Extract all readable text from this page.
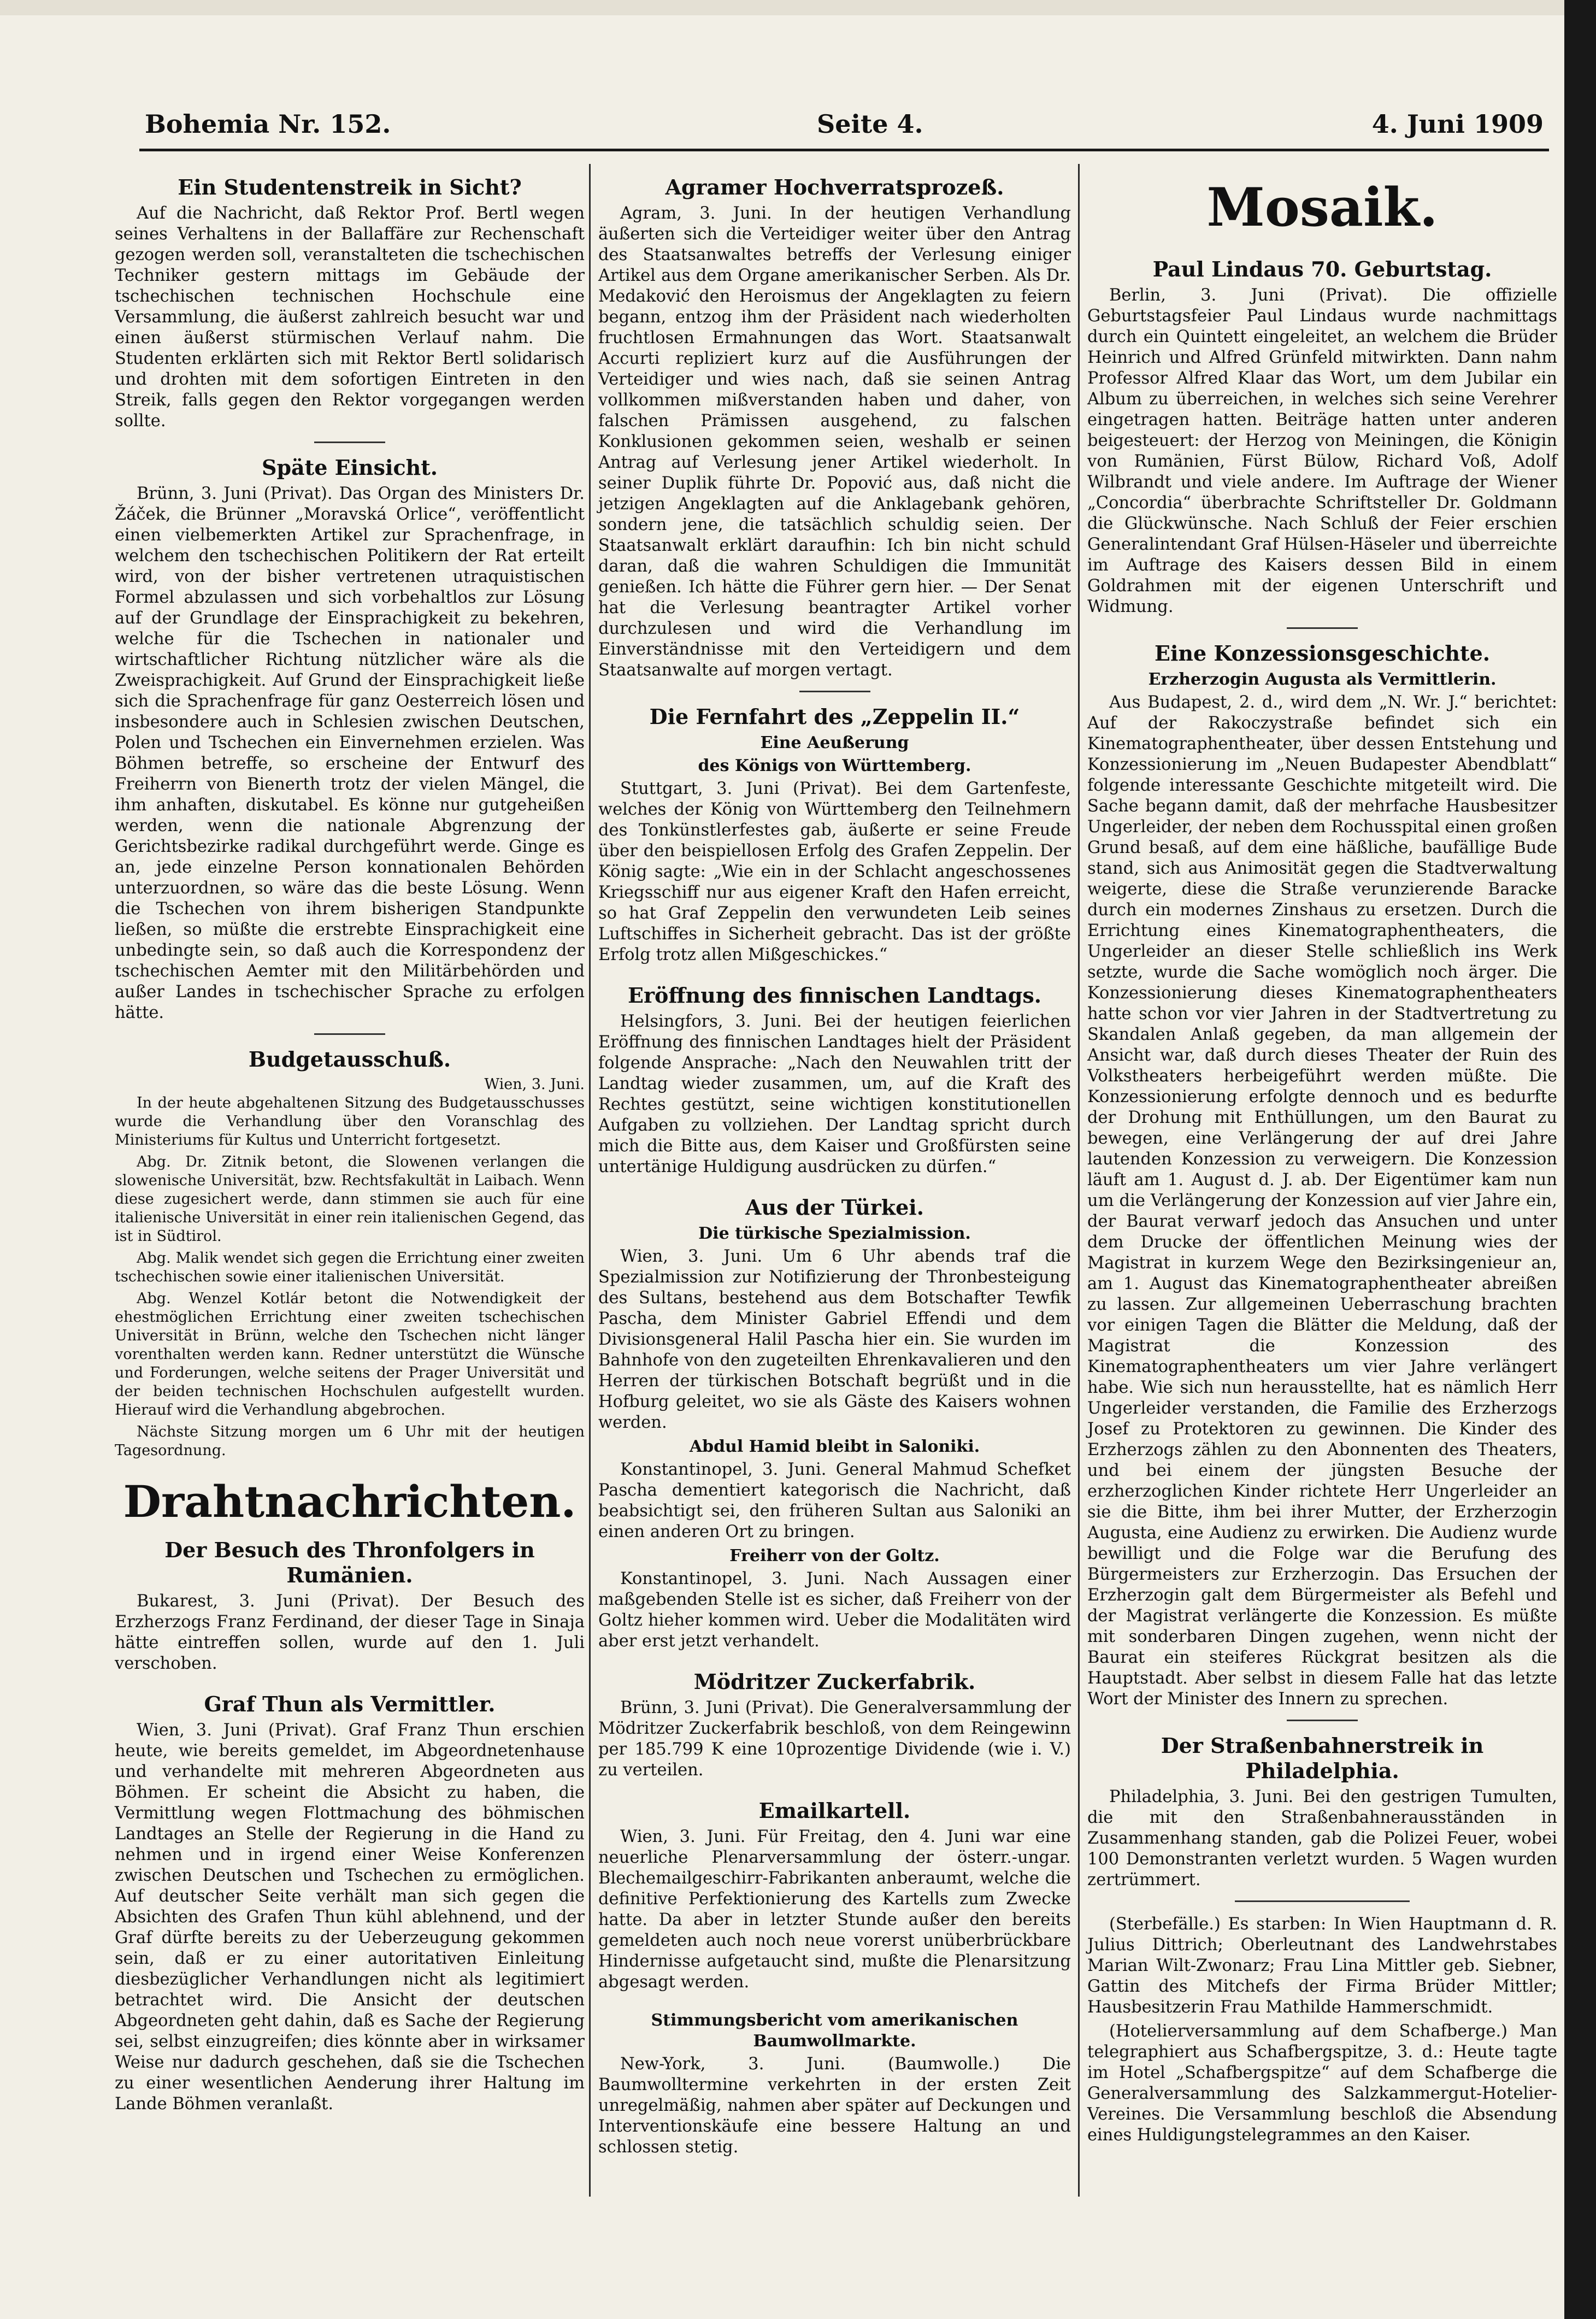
Bohemia Nr. 152.	Seite 4.	4. Juni 1909
Ein Studentenstreik in Sicht?

Auf die Nachricht, daß Rektor Prof. Bertl wegen seines Verhaltens in der Ballaffäre zur Rechenschaft gezogen werden soll, veranstalteten die tschechischen Techniker gestern mittags im Gebäude der tschechischen technischen Hochschule eine Versammlung, die äußerst zahlreich besucht war und einen äußerst stürmischen Verlauf nahm. Die Studenten erklärten sich mit Rektor Bertl solidarisch und drohten mit dem sofortigen Eintreten in den Streik, falls gegen den Rektor vorgegangen werden sollte.

Späte Einsicht.

Brünn, 3. Juni (Privat). Das Organ des Ministers Dr. Žáček, die Brünner „Moravská Orlice“, veröffentlicht einen vielbemerkten Artikel zur Sprachenfrage, in welchem den tschechischen Politikern der Rat erteilt wird, von der bisher vertretenen utraquistischen Formel abzulassen und sich vorbehaltlos zur Lösung auf der Grundlage der Einsprachigkeit zu bekehren, welche für die Tschechen in nationaler und wirtschaftlicher Richtung nützlicher wäre als die Zweisprachigkeit. Auf Grund der Einsprachigkeit ließe sich die Sprachenfrage für ganz Oesterreich lösen und insbesondere auch in Schlesien zwischen Deutschen, Polen und Tschechen ein Einvernehmen erzielen. Was Böhmen betreffe, so erscheine der Entwurf des Freiherrn von Bienerth trotz der vielen Mängel, die ihm anhaften, diskutabel. Es könne nur gutgeheißen werden, wenn die nationale Abgrenzung der Gerichtsbezirke radikal durchgeführt werde. Ginge es an, jede einzelne Person konnationalen Behörden unterzuordnen, so wäre das die beste Lösung. Wenn die Tschechen von ihrem bisherigen Standpunkte ließen, so müßte die erstrebte Einsprachigkeit eine unbedingte sein, so daß auch die Korrespondenz der tschechischen Aemter mit den Militärbehörden und außer Landes in tschechischer Sprache zu erfolgen hätte.

Budgetausschuß.
Wien, 3. Juni.

In der heute abgehaltenen Sitzung des Budgetausschusses wurde die Verhandlung über den Voranschlag des Ministeriums für Kultus und Unterricht fortgesetzt.

Abg. Dr. Zitnik betont, die Slowenen verlangen die slowenische Universität, bzw. Rechtsfakultät in Laibach. Wenn diese zugesichert werde, dann stimmen sie auch für eine italienische Universität in einer rein italienischen Gegend, das ist in Südtirol.

Abg. Malik wendet sich gegen die Errichtung einer zweiten tschechischen sowie einer italienischen Universität.

Abg. Wenzel Kotlár betont die Notwendigkeit der ehestmöglichen Errichtung einer zweiten tschechischen Universität in Brünn, welche den Tschechen nicht länger vorenthalten werden kann. Redner unterstützt die Wünsche und Forderungen, welche seitens der Prager Universität und der beiden technischen Hochschulen aufgestellt wurden. Hierauf wird die Verhandlung abgebrochen.

Nächste Sitzung morgen um 6 Uhr mit der heutigen Tagesordnung.

Drahtnachrichten.
Der Besuch des Thronfolgers in Rumänien.

Bukarest, 3. Juni (Privat). Der Besuch des Erzherzogs Franz Ferdinand, der dieser Tage in Sinaja hätte eintreffen sollen, wurde auf den 1. Juli verschoben.

Graf Thun als Vermittler.

Wien, 3. Juni (Privat). Graf Franz Thun erschien heute, wie bereits gemeldet, im Abgeordnetenhause und verhandelte mit mehreren Abgeordneten aus Böhmen. Er scheint die Absicht zu haben, die Vermittlung wegen Flottmachung des böhmischen Landtages an Stelle der Regierung in die Hand zu nehmen und in irgend einer Weise Konferenzen zwischen Deutschen und Tschechen zu ermöglichen. Auf deutscher Seite verhält man sich gegen die Absichten des Grafen Thun kühl ablehnend, und der Graf dürfte bereits zu der Ueberzeugung gekommen sein, daß er zu einer autoritativen Einleitung diesbezüglicher Verhandlungen nicht als legitimiert betrachtet wird. Die Ansicht der deutschen Abgeordneten geht dahin, daß es Sache der Regierung sei, selbst einzugreifen; dies könnte aber in wirksamer Weise nur dadurch geschehen, daß sie die Tschechen zu einer wesentlichen Aenderung ihrer Haltung im Lande Böhmen veranlaßt.

Agramer Hochverratsprozeß.

Agram, 3. Juni. In der heutigen Verhandlung äußerten sich die Verteidiger weiter über den Antrag des Staatsanwaltes betreffs der Verlesung einiger Artikel aus dem Organe amerikanischer Serben. Als Dr. Medaković den Heroismus der Angeklagten zu feiern begann, entzog ihm der Präsident nach wiederholten fruchtlosen Ermahnungen das Wort. Staatsanwalt Accurti repliziert kurz auf die Ausführungen der Verteidiger und wies nach, daß sie seinen Antrag vollkommen mißverstanden haben und daher, von falschen Prämissen ausgehend, zu falschen Konklusionen gekommen seien, weshalb er seinen Antrag auf Verlesung jener Artikel wiederholt. In seiner Duplik führte Dr. Popović aus, daß nicht die jetzigen Angeklagten auf die Anklagebank gehören, sondern jene, die tatsächlich schuldig seien. Der Staatsanwalt erklärt daraufhin: Ich bin nicht schuld daran, daß die wahren Schuldigen die Immunität genießen. Ich hätte die Führer gern hier. — Der Senat hat die Verlesung beantragter Artikel vorher durchzulesen und wird die Verhandlung im Einverständnisse mit den Verteidigern und dem Staatsanwalte auf morgen vertagt.

Die Fernfahrt des „Zeppelin II.“
Eine Aeußerung
des Königs von Württemberg.

Stuttgart, 3. Juni (Privat). Bei dem Gartenfeste, welches der König von Württemberg den Teilnehmern des Tonkünstlerfestes gab, äußerte er seine Freude über den beispiellosen Erfolg des Grafen Zeppelin. Der König sagte: „Wie ein in der Schlacht angeschossenes Kriegsschiff nur aus eigener Kraft den Hafen erreicht, so hat Graf Zeppelin den verwundeten Leib seines Luftschiffes in Sicherheit gebracht. Das ist der größte Erfolg trotz allen Mißgeschickes.“

Eröffnung des finnischen Landtags.

Helsingfors, 3. Juni. Bei der heutigen feierlichen Eröffnung des finnischen Landtages hielt der Präsident folgende Ansprache: „Nach den Neuwahlen tritt der Landtag wieder zusammen, um, auf die Kraft des Rechtes gestützt, seine wichtigen konstitutionellen Aufgaben zu vollziehen. Der Landtag spricht durch mich die Bitte aus, dem Kaiser und Großfürsten seine untertänige Huldigung ausdrücken zu dürfen.“

Aus der Türkei.
Die türkische Spezialmission.

Wien, 3. Juni. Um 6 Uhr abends traf die Spezialmission zur Notifizierung der Thronbesteigung des Sultans, bestehend aus dem Botschafter Tewfik Pascha, dem Minister Gabriel Effendi und dem Divisionsgeneral Halil Pascha hier ein. Sie wurden im Bahnhofe von den zugeteilten Ehrenkavalieren und den Herren der türkischen Botschaft begrüßt und in die Hofburg geleitet, wo sie als Gäste des Kaisers wohnen werden.

Abdul Hamid bleibt in Saloniki.

Konstantinopel, 3. Juni. General Mahmud Schefket Pascha dementiert kategorisch die Nachricht, daß beabsichtigt sei, den früheren Sultan aus Saloniki an einen anderen Ort zu bringen.

Freiherr von der Goltz.

Konstantinopel, 3. Juni. Nach Aussagen einer maßgebenden Stelle ist es sicher, daß Freiherr von der Goltz hieher kommen wird. Ueber die Modalitäten wird aber erst jetzt verhandelt.

Mödritzer Zuckerfabrik.

Brünn, 3. Juni (Privat). Die Generalversammlung der Mödritzer Zuckerfabrik beschloß, von dem Reingewinn per 185.799 K eine 10prozentige Dividende (wie i. V.) zu verteilen.

Emailkartell.

Wien, 3. Juni. Für Freitag, den 4. Juni war eine neuerliche Plenarversammlung der österr.-ungar. Blechemailgeschirr-Fabrikanten anberaumt, welche die definitive Perfektionierung des Kartells zum Zwecke hatte. Da aber in letzter Stunde außer den bereits gemeldeten auch noch neue vorerst unüberbrückbare Hindernisse aufgetaucht sind, mußte die Plenarsitzung abgesagt werden.

Stimmungsbericht vom amerikanischen Baumwollmarkte.

New-York, 3. Juni. (Baumwolle.) Die Baumwolltermine verkehrten in der ersten Zeit unregelmäßig, nahmen aber später auf Deckungen und Interventionskäufe eine bessere Haltung an und schlossen stetig.

Mosaik.
Paul Lindaus 70. Geburtstag.

Berlin, 3. Juni (Privat). Die offizielle Geburtstagsfeier Paul Lindaus wurde nachmittags durch ein Quintett eingeleitet, an welchem die Brüder Heinrich und Alfred Grünfeld mitwirkten. Dann nahm Professor Alfred Klaar das Wort, um dem Jubilar ein Album zu überreichen, in welches sich seine Verehrer eingetragen hatten. Beiträge hatten unter anderen beigesteuert: der Herzog von Meiningen, die Königin von Rumänien, Fürst Bülow, Richard Voß, Adolf Wilbrandt und viele andere. Im Auftrage der Wiener „Concordia“ überbrachte Schriftsteller Dr. Goldmann die Glückwünsche. Nach Schluß der Feier erschien Generalintendant Graf Hülsen-Häseler und überreichte im Auftrage des Kaisers dessen Bild in einem Goldrahmen mit der eigenen Unterschrift und Widmung.

Eine Konzessionsgeschichte.
Erzherzogin Augusta als Vermittlerin.

Aus Budapest, 2. d., wird dem „N. Wr. J.“ berichtet: Auf der Rakoczystraße befindet sich ein Kinematographentheater, über dessen Entstehung und Konzessionierung im „Neuen Budapester Abendblatt“ folgende interessante Geschichte mitgeteilt wird. Die Sache begann damit, daß der mehrfache Hausbesitzer Ungerleider, der neben dem Rochusspital einen großen Grund besaß, auf dem eine häßliche, baufällige Bude stand, sich aus Animosität gegen die Stadtverwaltung weigerte, diese die Straße verunzierende Baracke durch ein modernes Zinshaus zu ersetzen. Durch die Errichtung eines Kinematographentheaters, die Ungerleider an dieser Stelle schließlich ins Werk setzte, wurde die Sache womöglich noch ärger. Die Konzessionierung dieses Kinematographentheaters hatte schon vor vier Jahren in der Stadtvertretung zu Skandalen Anlaß gegeben, da man allgemein der Ansicht war, daß durch dieses Theater der Ruin des Volkstheaters herbeigeführt werden müßte. Die Konzessionierung erfolgte dennoch und es bedurfte der Drohung mit Enthüllungen, um den Baurat zu bewegen, eine Verlängerung der auf drei Jahre lautenden Konzession zu verweigern. Die Konzession läuft am 1. August d. J. ab. Der Eigentümer kam nun um die Verlängerung der Konzession auf vier Jahre ein, der Baurat verwarf jedoch das Ansuchen und unter dem Drucke der öffentlichen Meinung wies der Magistrat in kurzem Wege den Bezirksingenieur an, am 1. August das Kinematographentheater abreißen zu lassen. Zur allgemeinen Ueberraschung brachten vor einigen Tagen die Blätter die Meldung, daß der Magistrat die Konzession des Kinematographentheaters um vier Jahre verlängert habe. Wie sich nun herausstellte, hat es nämlich Herr Ungerleider verstanden, die Familie des Erzherzogs Josef zu Protektoren zu gewinnen. Die Kinder des Erzherzogs zählen zu den Abonnenten des Theaters, und bei einem der jüngsten Besuche der erzherzoglichen Kinder richtete Herr Ungerleider an sie die Bitte, ihm bei ihrer Mutter, der Erzherzogin Augusta, eine Audienz zu erwirken. Die Audienz wurde bewilligt und die Folge war die Berufung des Bürgermeisters zur Erzherzogin. Das Ersuchen der Erzherzogin galt dem Bürgermeister als Befehl und der Magistrat verlängerte die Konzession. Es müßte mit sonderbaren Dingen zugehen, wenn nicht der Baurat ein steiferes Rückgrat besitzen als die Hauptstadt. Aber selbst in diesem Falle hat das letzte Wort der Minister des Innern zu sprechen.

Der Straßenbahnerstreik in Philadelphia.

Philadelphia, 3. Juni. Bei den gestrigen Tumulten, die mit den Straßenbahnerausständen in Zusammenhang standen, gab die Polizei Feuer, wobei 100 Demonstranten verletzt wurden. 5 Wagen wurden zertrümmert.

(Sterbefälle.) Es starben: In Wien Hauptmann d. R. Julius Dittrich; Oberleutnant des Landwehrstabes Marian Wilt-Zwonarz; Frau Lina Mittler geb. Siebner, Gattin des Mitchefs der Firma Brüder Mittler; Hausbesitzerin Frau Mathilde Hammerschmidt.

(Hotelierversammlung auf dem Schafberge.) Man telegraphiert aus Schafbergspitze, 3. d.: Heute tagte im Hotel „Schafbergspitze“ auf dem Schafberge die Generalversammlung des Salzkammergut-Hotelier-Vereines. Die Versammlung beschloß die Absendung eines Huldigungstelegrammes an den Kaiser.
